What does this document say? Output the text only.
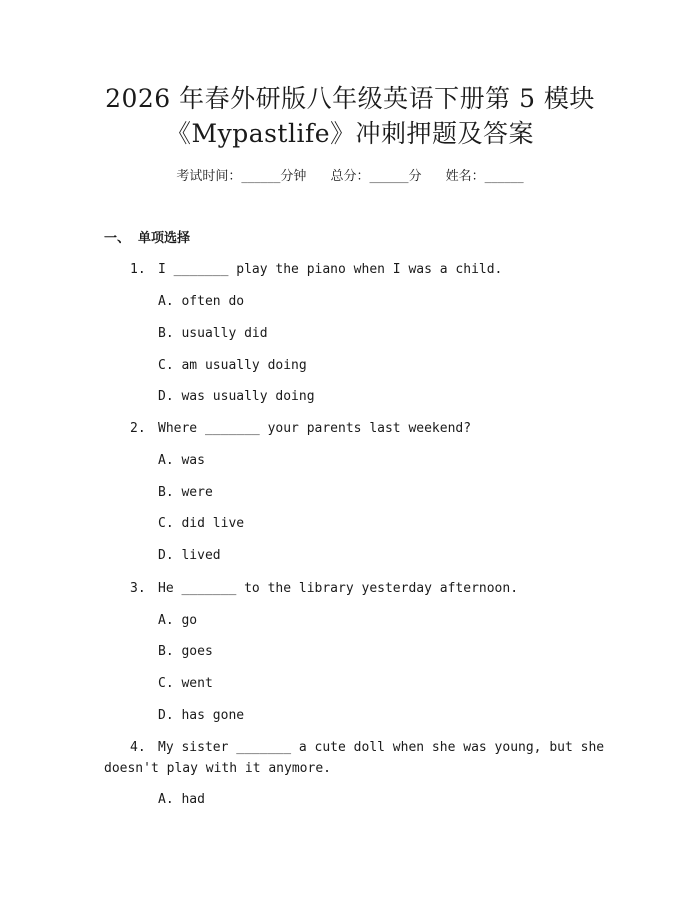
2026 年春外研版八年级英语下册第 5 模块
《Mypastlife》冲刺押题及答案
考试时间：______分钟 总分：______分 姓名：______
一、 单项选择
1. I _______ play the piano when I was a child.
A. often do
B. usually did
C. am usually doing
D. was usually doing
2. Where _______ your parents last weekend?
A. was
B. were
C. did live
D. lived
3. He _______ to the library yesterday afternoon.
A. go
B. goes
C. went
D. has gone
4. My sister _______ a cute doll when she was young, but she
doesn't play with it anymore.
A. had
